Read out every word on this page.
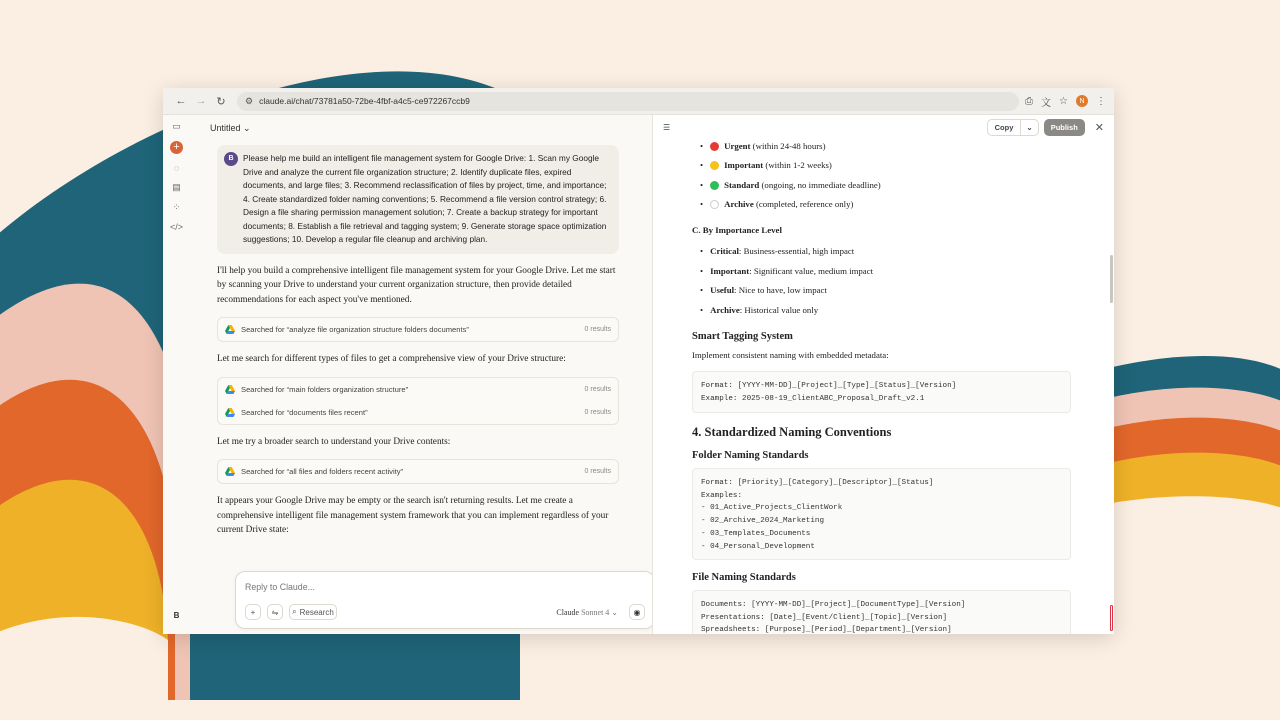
← → ↻	⚙ claude.ai/chat/73781a50-72be-4fbf-a4c5-ce972267ccb9	⎙ 文 ☆	N	⋮
▭
+
◌
▤
⁘
</>
B
Untitled ⌄
B	Please help me build an intelligent file management system for Google Drive: 1. Scan my Google Drive and analyze the current file organization structure; 2. Identify duplicate files, expired documents, and large files; 3. Recommend reclassification of files by project, time, and importance; 4. Create standardized folder naming conventions; 5. Recommend a file version control strategy; 6. Design a file sharing permission management solution; 7. Create a backup strategy for important documents; 8. Establish a file retrieval and tagging system; 9. Generate storage space optimization suggestions; 10. Develop a regular file cleanup and archiving plan.

I'll help you build a comprehensive intelligent file management system for your Google Drive. Let me start by scanning your Drive to understand your current organization structure, then provide detailed recommendations for each aspect you've mentioned.

Searched for “analyze file organization structure folders documents”	0 results

Let me search for different types of files to get a comprehensive view of your Drive structure:

Searched for “main folders organization structure”	0 results
Searched for “documents files recent”	0 results

Let me try a broader search to understand your Drive contents:

Searched for “all files and folders recent activity”	0 results

It appears your Google Drive may be empty or the search isn't returning results. Let me create a comprehensive intelligent file management system framework that you can implement regardless of your current Drive state:

Reply to Claude...
+	⇋	⌕ Research	Claude Sonnet 4 ⌄	◉
☰	Copy	⌄	Publish	✕
• Urgent (within 24-48 hours)
• Important (within 1-2 weeks)
• Standard (ongoing, no immediate deadline)
• Archive (completed, reference only)
C. By Importance Level
• Critical : Business-essential, high impact
• Important : Significant value, medium impact
• Useful : Nice to have, low impact
• Archive : Historical value only
Smart Tagging System
Implement consistent naming with embedded metadata:
Format: [YYYY-MM-DD]_[Project]_[Type]_[Status]_[Version]
Example: 2025-08-19_ClientABC_Proposal_Draft_v2.1
4. Standardized Naming Conventions
Folder Naming Standards
Format: [Priority]_[Category]_[Descriptor]_[Status]
Examples:
- 01_Active_Projects_ClientWork
- 02_Archive_2024_Marketing
- 03_Templates_Documents
- 04_Personal_Development
File Naming Standards
Documents: [YYYY-MM-DD]_[Project]_[DocumentType]_[Version]
Presentations: [Date]_[Event/Client]_[Topic]_[Version]
Spreadsheets: [Purpose]_[Period]_[Department]_[Version]
